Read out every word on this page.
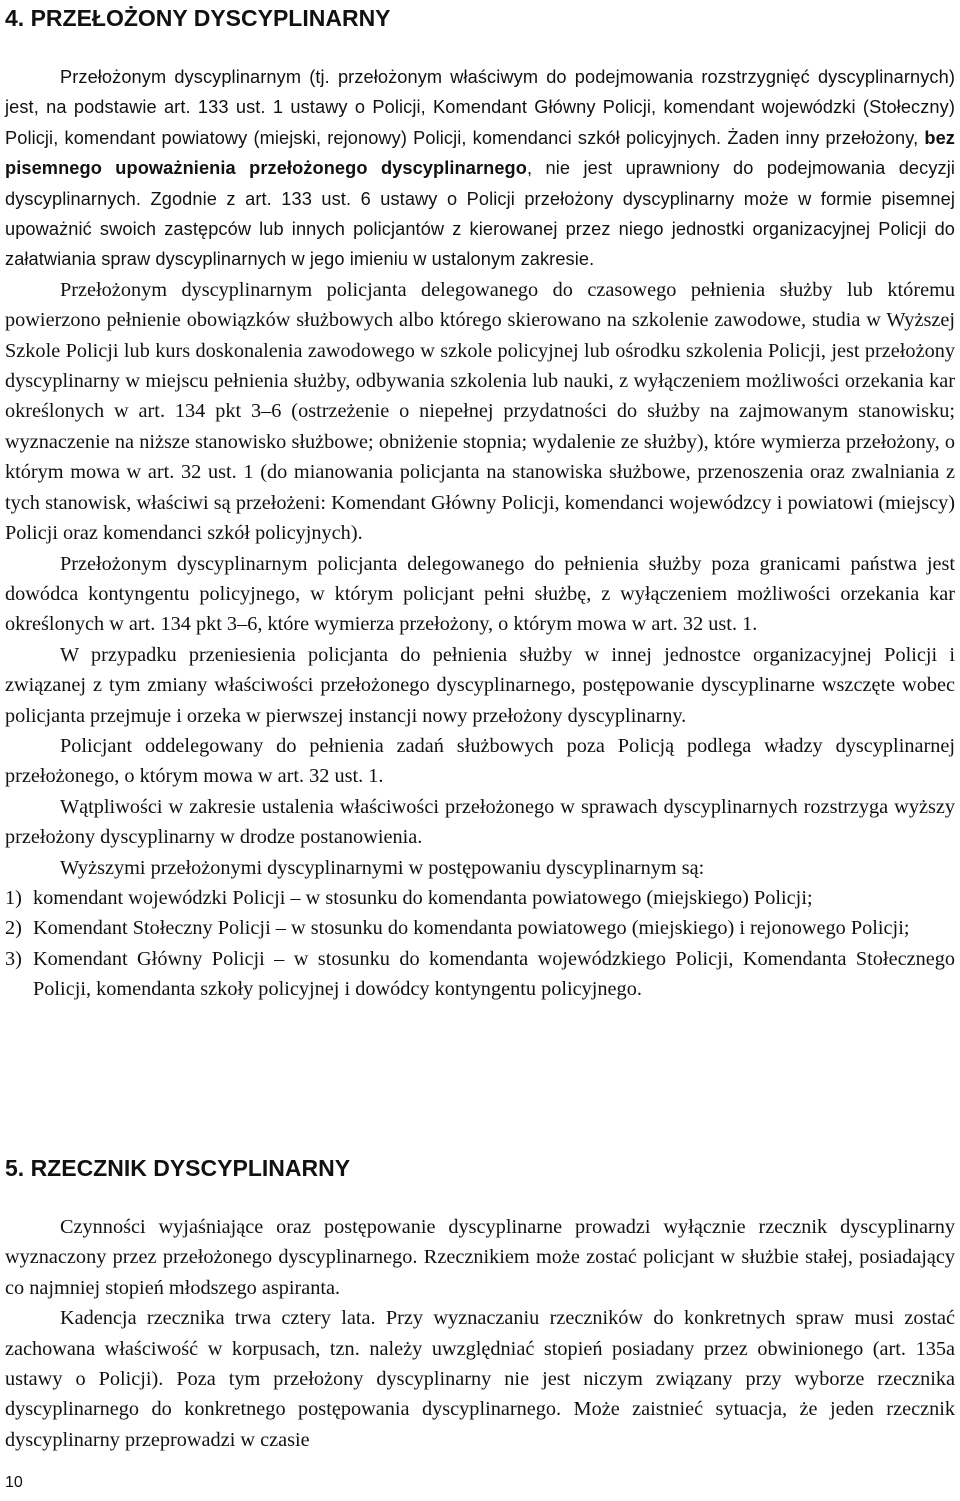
4. PRZEŁOŻONY DYSCYPLINARNY

Przełożonym dyscyplinarnym (tj. przełożonym właściwym do podejmowania rozstrzygnięć dyscyplinarnych) jest, na podstawie art. 133 ust. 1 ustawy o Policji, Komendant Główny Policji, komendant wojewódzki (Stołeczny) Policji, komendant powiatowy (miejski, rejonowy) Policji, komendanci szkół policyjnych. Żaden inny przełożony, bez pisemnego upoważnienia przełożonego dyscyplinarnego, nie jest uprawniony do podejmowania decyzji dyscyplinarnych. Zgodnie z art. 133 ust. 6 ustawy o Policji przełożony dyscyplinarny może w formie pisemnej upoważnić swoich zastępców lub innych policjantów z kierowanej przez niego jednostki organizacyjnej Policji do załatwiania spraw dyscyplinarnych w jego imieniu w ustalonym zakresie.

Przełożonym dyscyplinarnym policjanta delegowanego do czasowego pełnienia służby lub któremu powierzono pełnienie obowiązków służbowych albo którego skierowano na szkolenie zawodowe, studia w Wyższej Szkole Policji lub kurs doskonalenia zawodowego w szkole policyjnej lub ośrodku szkolenia Policji, jest przełożony dyscyplinarny w miejscu pełnienia służby, odbywania szkolenia lub nauki, z wyłączeniem możliwości orzekania kar określonych w art. 134 pkt 3–6 (ostrzeżenie o niepełnej przydatności do służby na zajmowanym stanowisku; wyznaczenie na niższe stanowisko służbowe; obniżenie stopnia; wydalenie ze służby), które wymierza przełożony, o którym mowa w art. 32 ust. 1 (do mianowania policjanta na stanowiska służbowe, przenoszenia oraz zwalniania z tych stanowisk, właściwi są przełożeni: Komendant Główny Policji, komendanci wojewódzcy i powiatowi (miejscy) Policji oraz komendanci szkół policyjnych).

Przełożonym dyscyplinarnym policjanta delegowanego do pełnienia służby poza granicami państwa jest dowódca kontyngentu policyjnego, w którym policjant pełni służbę, z wyłączeniem możliwości orzekania kar określonych w art. 134 pkt 3–6, które wymierza przełożony, o którym mowa w art. 32 ust. 1.

W przypadku przeniesienia policjanta do pełnienia służby w innej jednostce organizacyjnej Policji i związanej z tym zmiany właściwości przełożonego dyscyplinarnego, postępowanie dyscyplinarne wszczęte wobec policjanta przejmuje i orzeka w pierwszej instancji nowy przełożony dyscyplinarny.

Policjant oddelegowany do pełnienia zadań służbowych poza Policją podlega władzy dyscyplinarnej przełożonego, o którym mowa w art. 32 ust. 1.

Wątpliwości w zakresie ustalenia właściwości przełożonego w sprawach dyscyplinarnych rozstrzyga wyższy przełożony dyscyplinarny w drodze postanowienia.

Wyższymi przełożonymi dyscyplinarnymi w postępowaniu dyscyplinarnym są:

1) komendant wojewódzki Policji – w stosunku do komendanta powiatowego (miejskiego) Policji;
2) Komendant Stołeczny Policji – w stosunku do komendanta powiatowego (miejskiego) i rejonowego Policji;
3) Komendant Główny Policji – w stosunku do komendanta wojewódzkiego Policji, Komendanta Stołecznego Policji, komendanta szkoły policyjnej i dowódcy kontyngentu policyjnego.
5. RZECZNIK DYSCYPLINARNY

Czynności wyjaśniające oraz postępowanie dyscyplinarne prowadzi wyłącznie rzecznik dyscyplinarny wyznaczony przez przełożonego dyscyplinarnego. Rzecznikiem może zostać policjant w służbie stałej, posiadający co najmniej stopień młodszego aspiranta.

Kadencja rzecznika trwa cztery lata. Przy wyznaczaniu rzeczników do konkretnych spraw musi zostać zachowana właściwość w korpusach, tzn. należy uwzględniać stopień posiadany przez obwinionego (art. 135a ustawy o Policji). Poza tym przełożony dyscyplinarny nie jest niczym związany przy wyborze rzecznika dyscyplinarnego do konkretnego postępowania dyscyplinarnego. Może zaistnieć sytuacja, że jeden rzecznik dyscyplinarny przeprowadzi w czasie

10
